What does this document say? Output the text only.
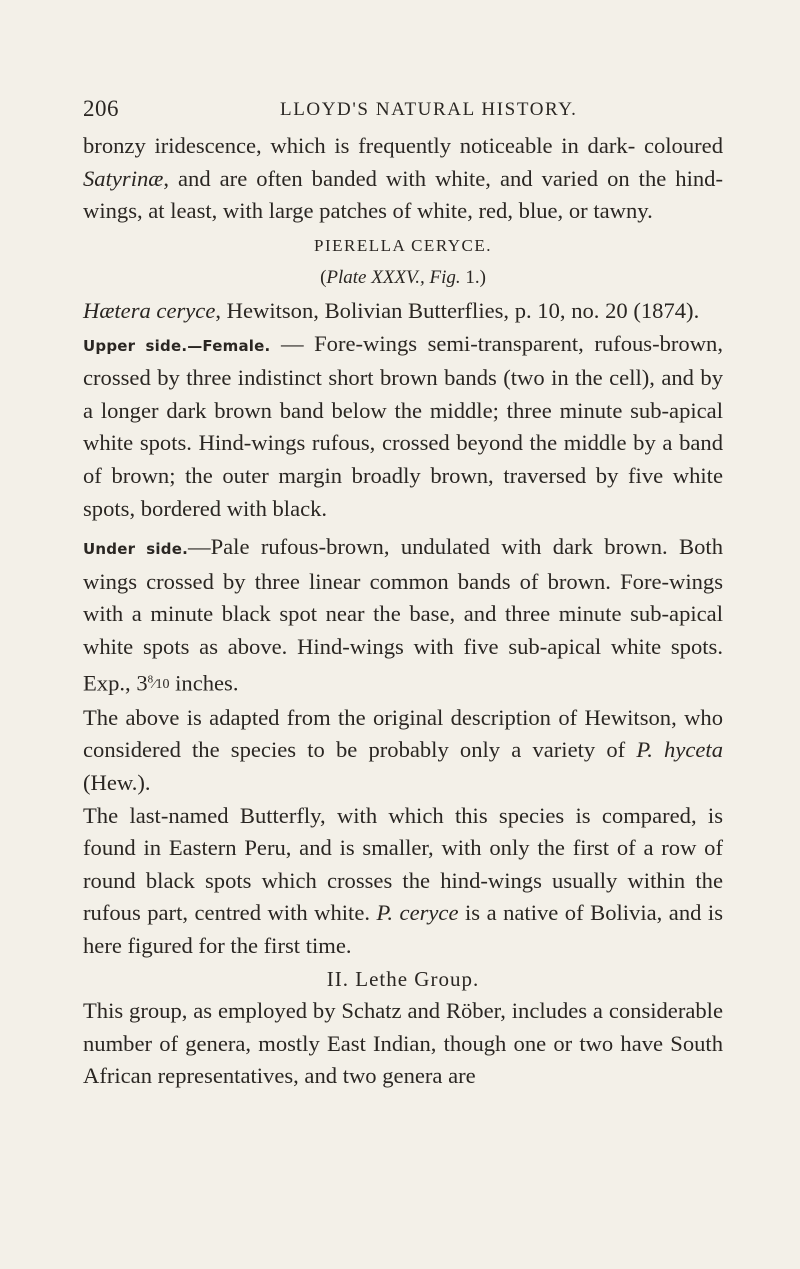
206	LLOYD'S NATURAL HISTORY.

bronzy iridescence, which is frequently noticeable in dark- coloured Satyrinæ, and are often banded with white, and varied on the hind-wings, at least, with large patches of white, red, blue, or tawny.

PIERELLA CERYCE.

(Plate XXXV., Fig. 1.)

Hætera ceryce, Hewitson, Bolivian Butterflies, p. 10, no. 20 (1874).

Upper side.—Female. — Fore-wings semi-transparent, rufous-brown, crossed by three indistinct short brown bands (two in the cell), and by a longer dark brown band below the middle; three minute sub-apical white spots. Hind-wings rufous, crossed beyond the middle by a band of brown; the outer margin broadly brown, traversed by five white spots, bordered with black.

Under side.—Pale rufous-brown, undulated with dark brown. Both wings crossed by three linear common bands of brown. Fore-wings with a minute black spot near the base, and three minute sub-apical white spots as above. Hind-wings with five sub-apical white spots. Exp., $3^8⁄10$ inches.

The above is adapted from the original description of Hewitson, who considered the species to be probably only a variety of P. hyceta (Hew.).

The last-named Butterfly, with which this species is compared, is found in Eastern Peru, and is smaller, with only the first of a row of round black spots which crosses the hind-wings usually within the rufous part, centred with white. P. ceryce is a native of Bolivia, and is here figured for the first time.

II. Lethe Group.

This group, as employed by Schatz and Röber, includes a considerable number of genera, mostly East Indian, though one or two have South African representatives, and two genera are
